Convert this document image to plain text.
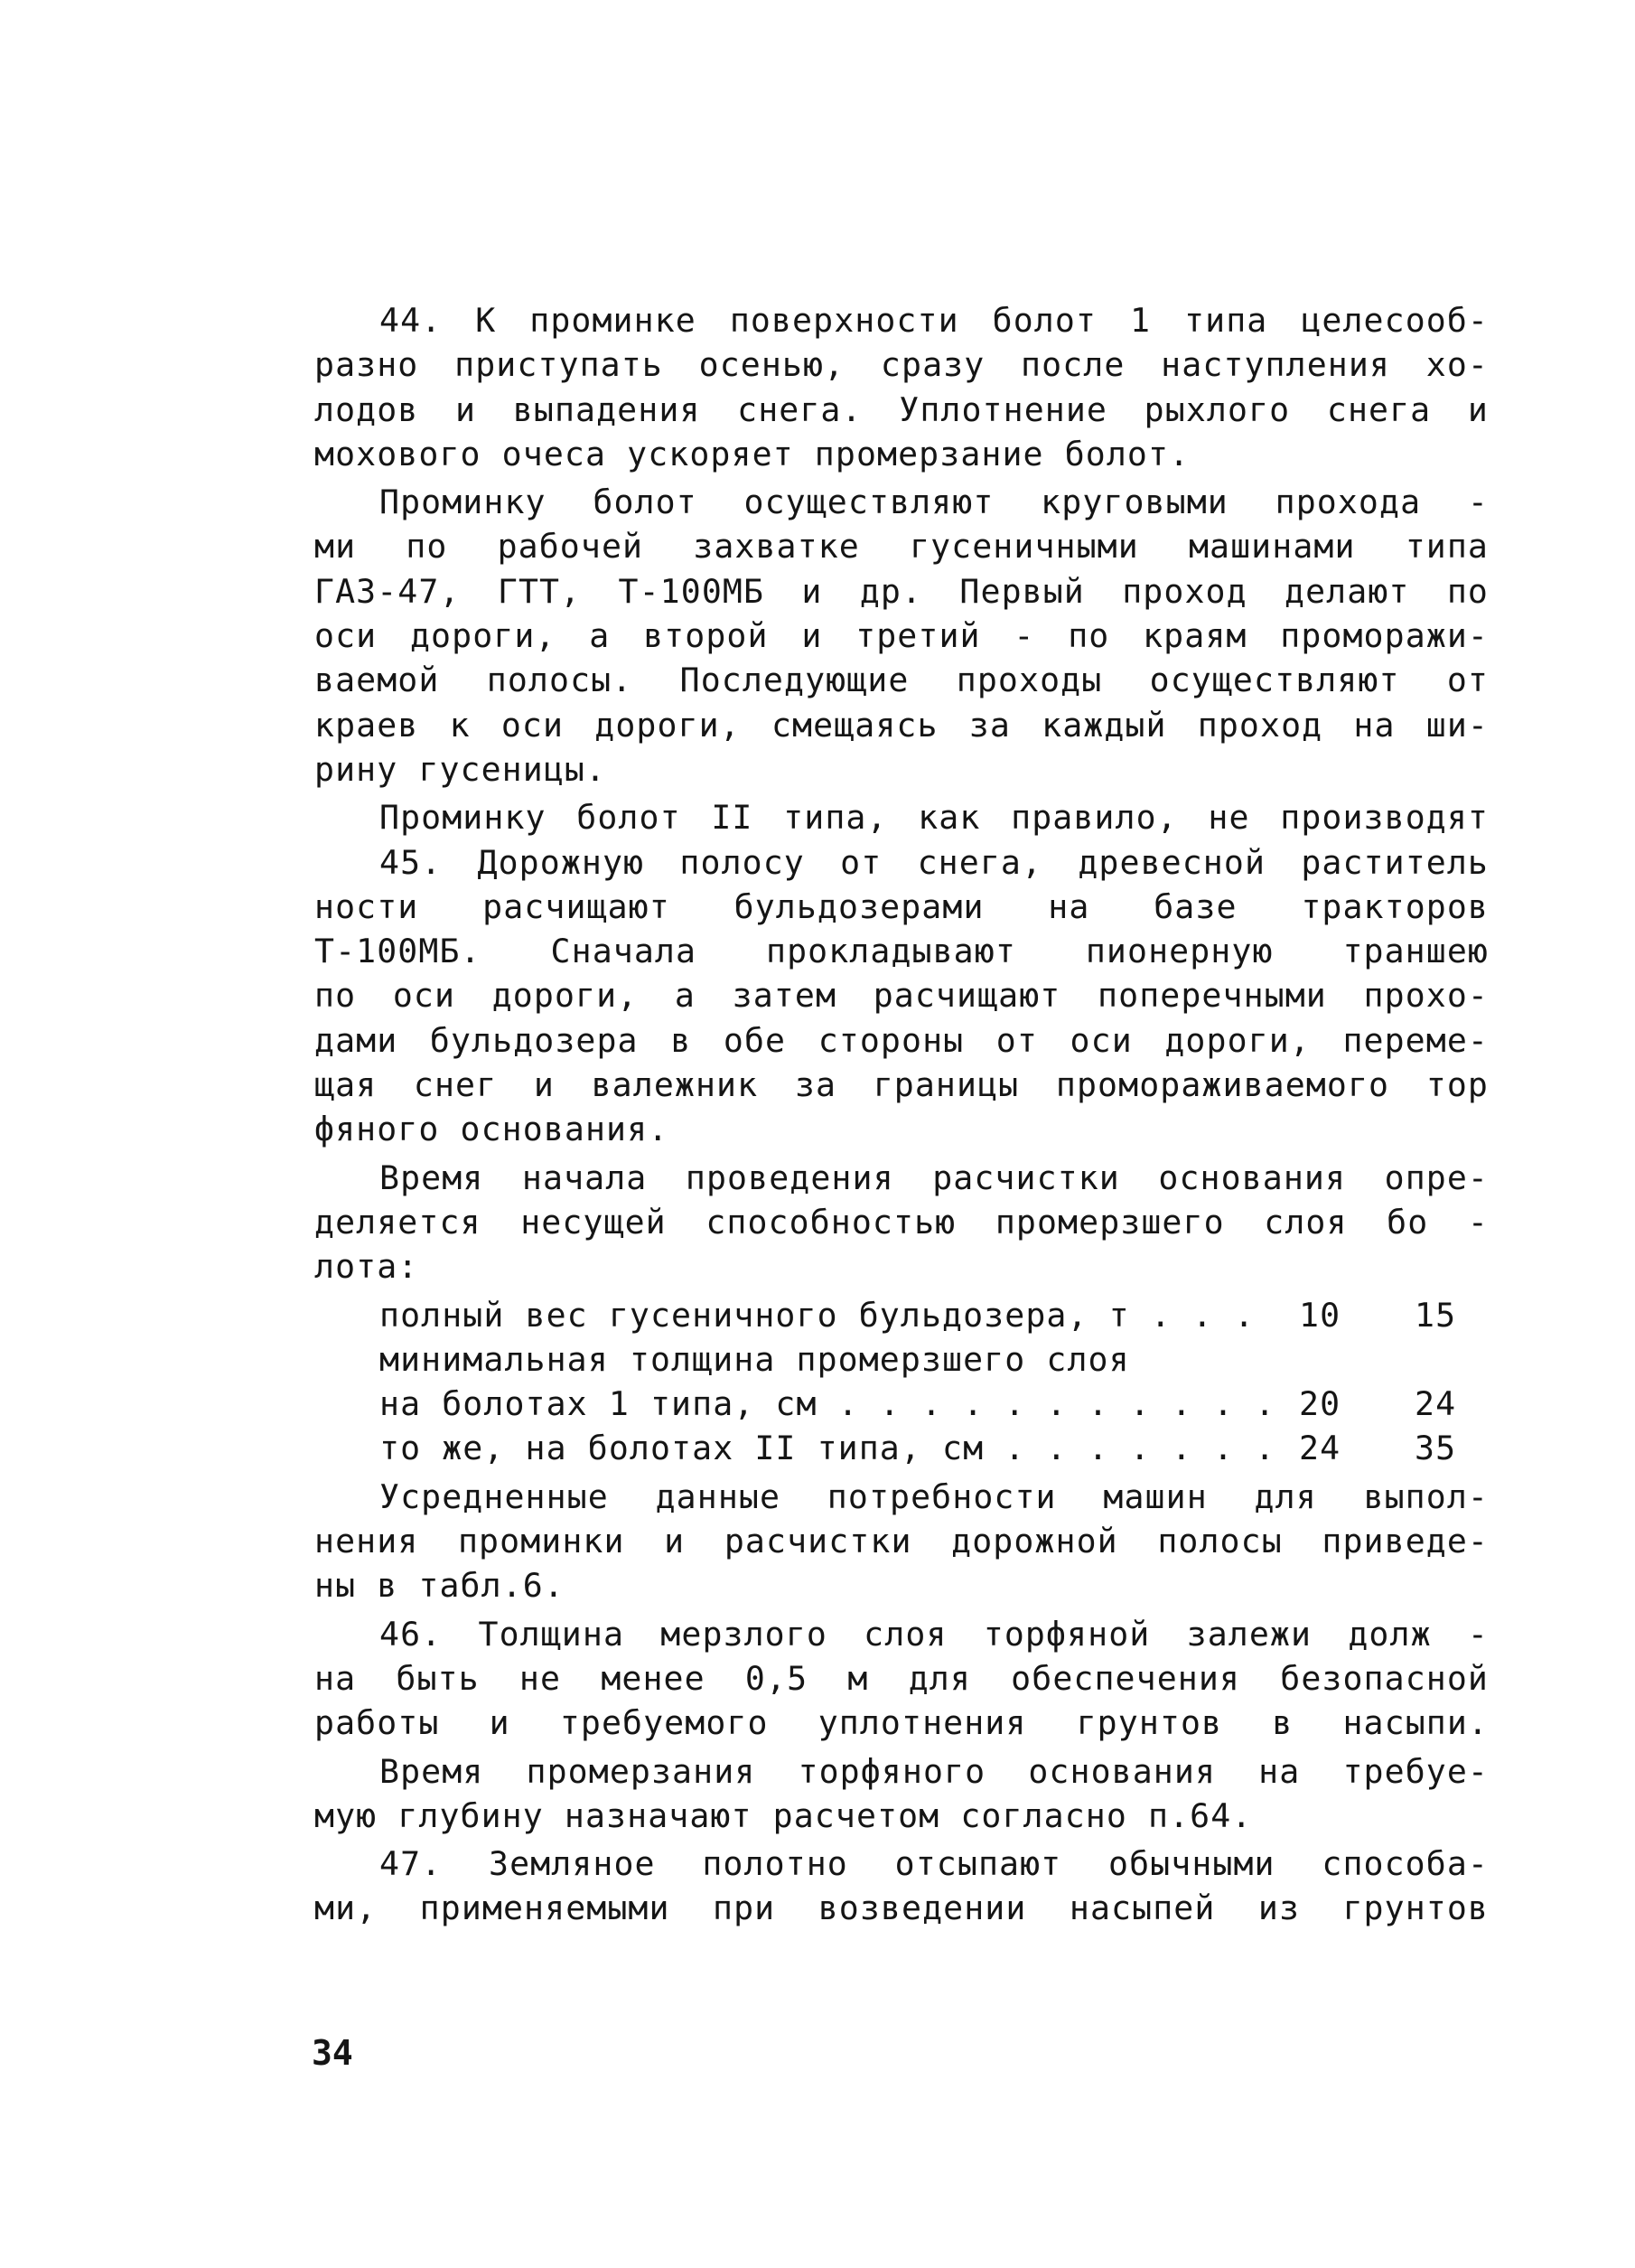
44. К проминке поверхности болот 1 типа целесооб-
разно приступать осенью, сразу после наступления хо-
лодов и выпадения снега. Уплотнение рыхлого снега и
мохового очеса ускоряет промерзание болот.
Проминку болот осуществляют круговыми прохода -
ми по рабочей захватке гусеничными машинами типа
ГАЗ-47, ГТТ, Т-100МБ и др. Первый проход делают по
оси дороги, а второй и третий - по краям проморажи-
ваемой полосы. Последующие проходы осуществляют от
краев к оси дороги, смещаясь за каждый проход на ши-
рину гусеницы.
Проминку болот II типа, как правило, не производят
45. Дорожную полосу от снега, древесной раститель
ности расчищают бульдозерами на базе тракторов
Т-100МБ. Сначала прокладывают пионерную траншею
по оси дороги, а затем расчищают поперечными прохо-
дами бульдозера в обе стороны от оси дороги, переме-
щая снег и валежник за границы промораживаемого тор
фяного основания.
Время начала проведения расчистки основания опре-
деляется несущей способностью промерзшего слоя бо -
лота:
полный вес гусеничного бульдозера, т . . . 10 15
минимальная толщина промерзшего слоя
на болотах 1 типа, см . . . . . . . . . . . 20 24
то же, на болотах II типа, см . . . . . . . 24 35
Усредненные данные потребности машин для выпол-
нения проминки и расчистки дорожной полосы приведе-
ны в табл.6.
46. Толщина мерзлого слоя торфяной залежи долж -
на быть не менее 0,5 м для обеспечения безопасной
работы и требуемого уплотнения грунтов в насыпи.
Время промерзания торфяного основания на требуе-
мую глубину назначают расчетом согласно п.64.
47. Земляное полотно отсыпают обычными способа-
ми, применяемыми при возведении насыпей из грунтов
34
